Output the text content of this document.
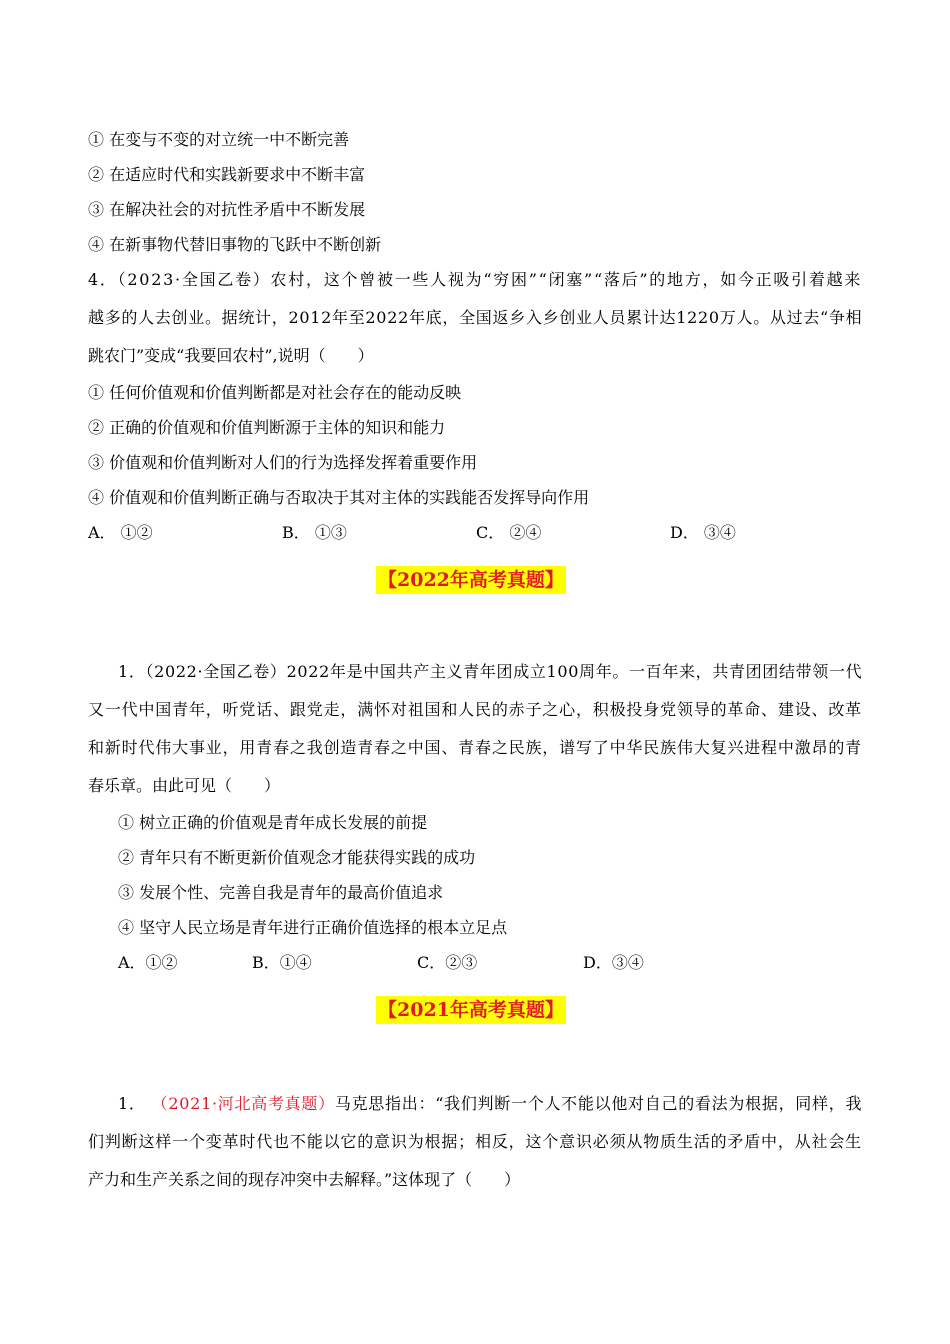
① 在变与不变的对立统一中不断完善
② 在适应时代和实践新要求中不断丰富
③ 在解决社会的对抗性矛盾中不断发展
④ 在新事物代替旧事物的飞跃中不断创新
4．（2023·全国乙卷）农村，这个曾被一些人视为“穷困”“闭塞”“落后”的地方，如今正吸引着越来
越多的人去创业。据统计，2012年至2022年底，全国返乡入乡创业人员累计达1220万人。从过去“争相
跳农门”变成“我要回农村”,说明（　　）
① 任何价值观和价值判断都是对社会存在的能动反映
② 正确的价值观和价值判断源于主体的知识和能力
③ 价值观和价值判断对人们的行为选择发挥着重要作用
④ 价值观和价值判断正确与否取决于其对主体的实践能否发挥导向作用
A． ①②	B． ①③	C． ②④	D． ③④
【2022年高考真题】
1．（2022·全国乙卷）2022年是中国共产主义青年团成立100周年。一百年来，共青团团结带领一代
又一代中国青年，听党话、跟党走，满怀对祖国和人民的赤子之心，积极投身党领导的革命、建设、改革
和新时代伟大事业，用青春之我创造青春之中国、青春之民族，谱写了中华民族伟大复兴进程中激昂的青
春乐章。由此可见（　　）
① 树立正确的价值观是青年成长发展的前提
② 青年只有不断更新价值观念才能获得实践的成功
③ 发展个性、完善自我是青年的最高价值追求
④ 坚守人民立场是青年进行正确价值选择的根本立足点
A．①②	B．①④	C．②③	D．③④
【2021年高考真题】
1． （2021·河北高考真题）马克思指出：“我们判断一个人不能以他对自己的看法为根据，同样，我
们判断这样一个变革时代也不能以它的意识为根据；相反，这个意识必须从物质生活的矛盾中，从社会生
产力和生产关系之间的现存冲突中去解释。”这体现了（　　）
